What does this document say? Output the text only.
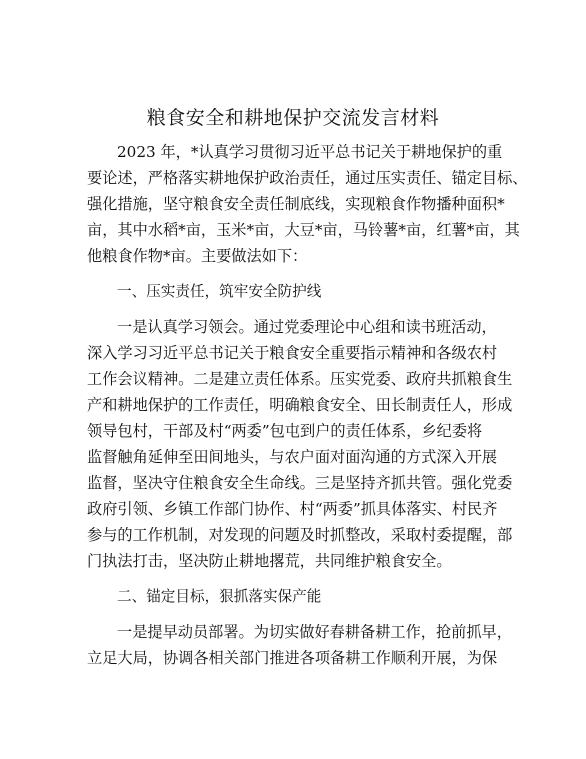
粮食安全和耕地保护交流发言材料
2023 年，*认真学习贯彻习近平总书记关于耕地保护的重
要论述，严格落实耕地保护政治责任，通过压实责任、锚定目标、
强化措施，坚守粮食安全责任制底线，实现粮食作物播种面积*
亩，其中水稻*亩，玉米*亩，大豆*亩，马铃薯*亩，红薯*亩，其
他粮食作物*亩。主要做法如下：
一、压实责任，筑牢安全防护线
一是认真学习领会。通过党委理论中心组和读书班活动，
深入学习习近平总书记关于粮食安全重要指示精神和各级农村
工作会议精神。二是建立责任体系。压实党委、政府共抓粮食生
产和耕地保护的工作责任，明确粮食安全、田长制责任人，形成
领导包村，干部及村“两委”包屯到户的责任体系，乡纪委将
监督触角延伸至田间地头，与农户面对面沟通的方式深入开展
监督，坚决守住粮食安全生命线。三是坚持齐抓共管。强化党委
政府引领、乡镇工作部门协作、村“两委”抓具体落实、村民齐
参与的工作机制，对发现的问题及时抓整改，采取村委提醒，部
门执法打击，坚决防止耕地撂荒，共同维护粮食安全。
二、锚定目标，狠抓落实保产能
一是提早动员部署。为切实做好春耕备耕工作，抢前抓早，
立足大局，协调各相关部门推进各项备耕工作顺利开展，为保
